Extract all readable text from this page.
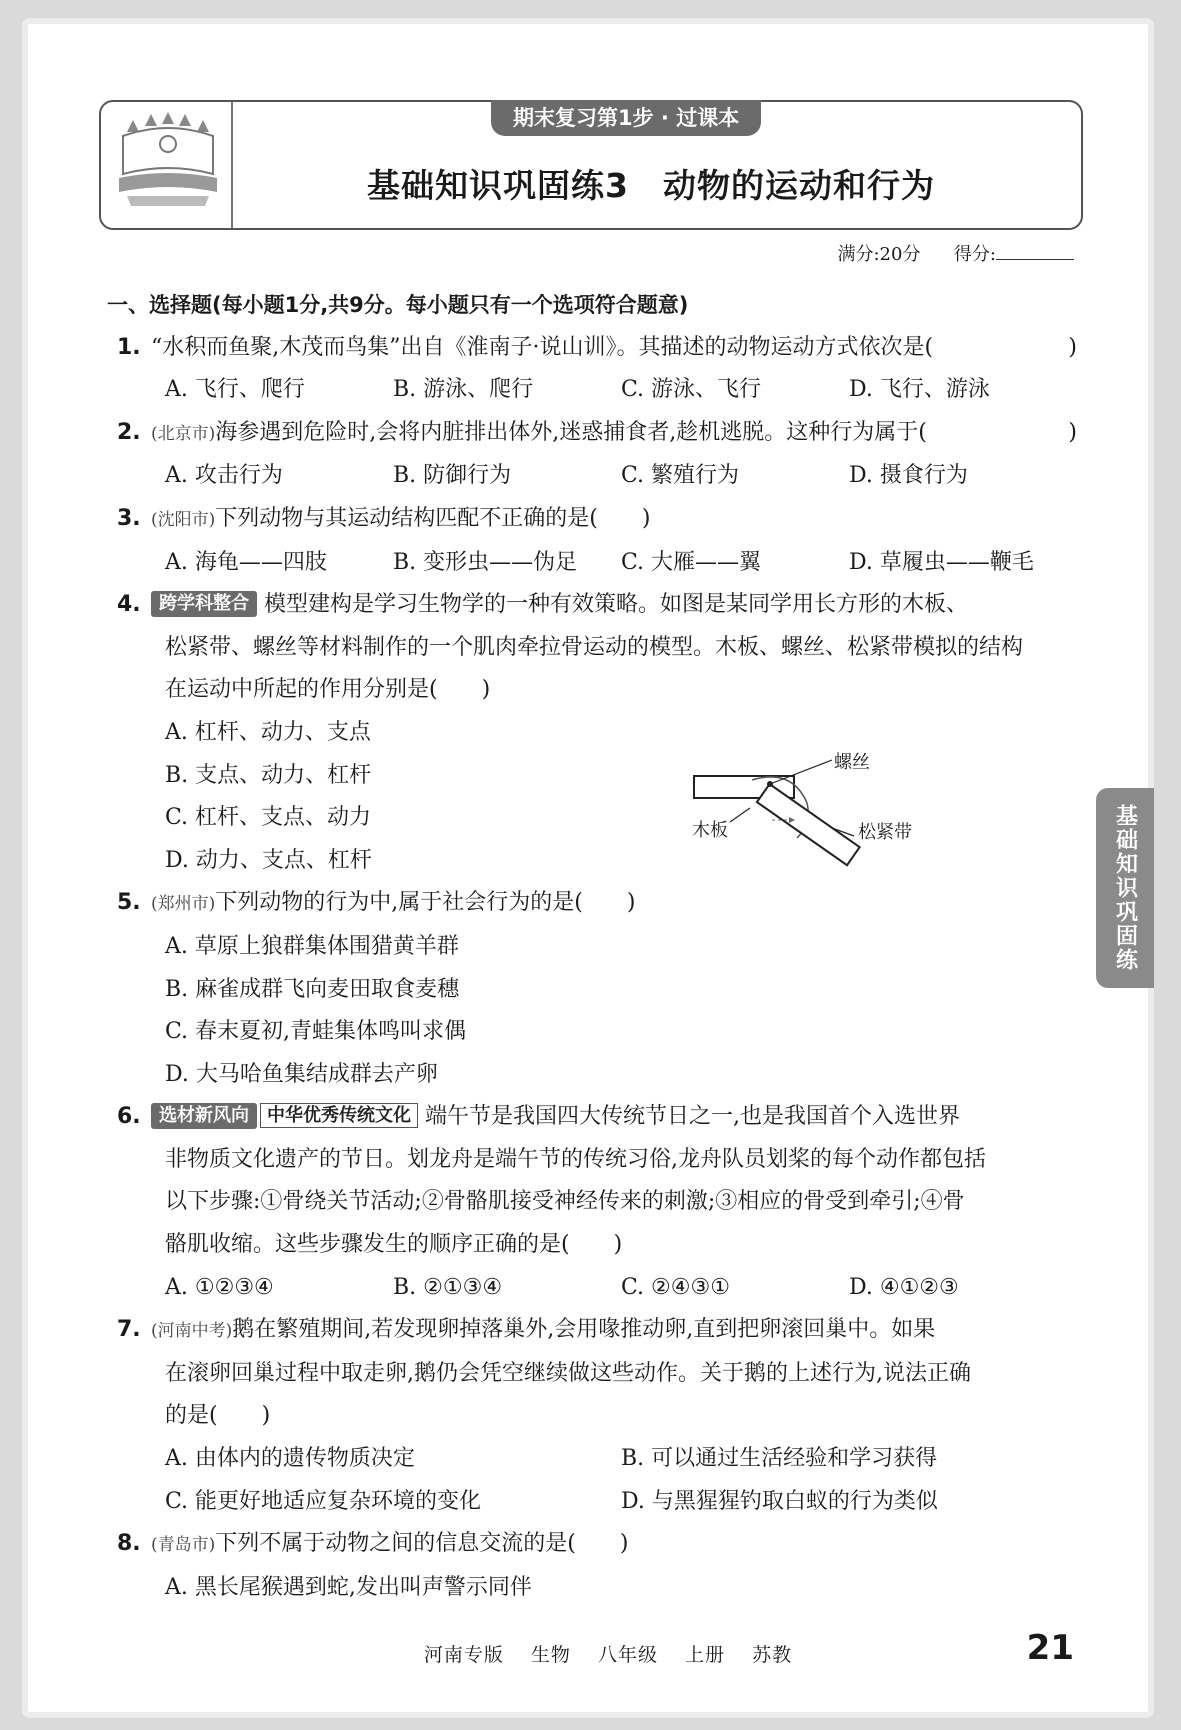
期末复习第1步 · 过课本
基础知识巩固练3　动物的运动和行为
满分:20分 得分:
一、选择题(每小题1分,共9分。每小题只有一个选项符合题意)
1. “水积而鱼聚,木茂而鸟集”出自《淮南子·说山训》。其描述的动物运动方式依次是(	)
A. 飞行、爬行	B. 游泳、爬行	C. 游泳、飞行	D. 飞行、游泳
2. (北京市)海参遇到危险时,会将内脏排出体外,迷惑捕食者,趁机逃脱。这种行为属于(	)
A. 攻击行为	B. 防御行为	C. 繁殖行为	D. 摄食行为
3. (沈阳市)下列动物与其运动结构匹配不正确的是(　　)
A. 海龟——四肢	B. 变形虫——伪足	C. 大雁——翼	D. 草履虫——鞭毛
4. 跨学科整合 模型建构是学习生物学的一种有效策略。如图是某同学用长方形的木板、
松紧带、螺丝等材料制作的一个肌肉牵拉骨运动的模型。木板、螺丝、松紧带模拟的结构
在运动中所起的作用分别是(　　)
A. 杠杆、动力、支点
B. 支点、动力、杠杆
C. 杠杆、支点、动力
D. 动力、支点、杠杆
5. (郑州市)下列动物的行为中,属于社会行为的是(　　)
A. 草原上狼群集体围猎黄羊群
B. 麻雀成群飞向麦田取食麦穗
C. 春末夏初,青蛙集体鸣叫求偶
D. 大马哈鱼集结成群去产卵
6. 选材新风向 中华优秀传统文化 端午节是我国四大传统节日之一,也是我国首个入选世界
非物质文化遗产的节日。划龙舟是端午节的传统习俗,龙舟队员划桨的每个动作都包括
以下步骤:①骨绕关节活动;②骨骼肌接受神经传来的刺激;③相应的骨受到牵引;④骨
骼肌收缩。这些步骤发生的顺序正确的是(　　)
A. ①②③④	B. ②①③④	C. ②④③①	D. ④①②③
7. (河南中考)鹅在繁殖期间,若发现卵掉落巢外,会用喙推动卵,直到把卵滚回巢中。如果
在滚卵回巢过程中取走卵,鹅仍会凭空继续做这些动作。关于鹅的上述行为,说法正确
的是(　　)
A. 由体内的遗传物质决定	B. 可以通过生活经验和学习获得
C. 能更好地适应复杂环境的变化	D. 与黑猩猩钓取白蚁的行为类似
8. (青岛市)下列不属于动物之间的信息交流的是(　　)
A. 黑长尾猴遇到蛇,发出叫声警示同伴
螺丝
木板	松紧带	基础知识巩固练
河南专版 生物 八年级 上册 苏教	21
